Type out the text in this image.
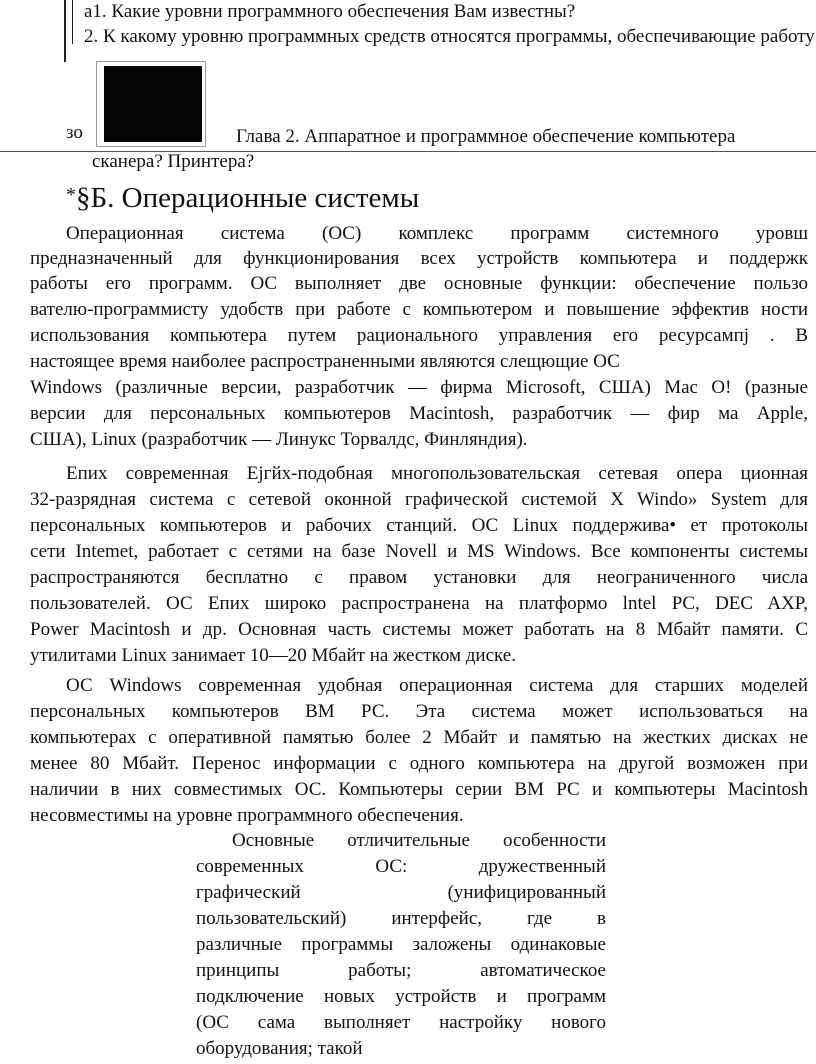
а1. Какие уровни программного обеспечения Вам известны?
2. К какому уровню программных средств относятся программы, обеспечивающие работу
зо	Глава 2. Аппаратное и программное обеспечение компьютера
сканера? Принтера?
*§Б. Операционные системы
Операционная система (ОС) комплекс программ системного уровш
предназначенный для функционирования всех устройств компьютера и поддержк
работы его программ. ОС выполняет две основные функции: обеспечение пользо
вателю-программисту удобств при работе с компьютером и повышение эффектив ности
использования компьютера путем рационального управления его ресурсампj . В
настоящее время наиболее распространенными являются слещющие ОС
Windows (различные версии, разработчик — фирма Microsoft, США) Mac O! (разные
версии для персональных компьютеров Macintosh, разработчик — фир ма Apple,
США), Linux (разработчик — Линукс Торвалдс, Финляндия).
Епих современная Ejгйх-подобная многопользовательская сетевая опера ционная
32-разрядная система с сетевой оконной графической системой X Windo» System для
персональных компьютеров и рабочих станций. ОС Linux поддержива• ет протоколы
сети Intemet, работает с сетями на базе Novell и MS Windows. Все компоненты системы
распространяются бесплатно с правом установки для неограниченного числа
пользователей. ОС Епих широко распространена на платформо lntel PC, DEC AXP,
Power Macintosh и др. Основная часть системы может работать на 8 Мбайт памяти. С
утилитами Linux занимает 10—20 Мбайт на жестком диске.
ОС Windows современная удобная операционная система для старших моделей
персональных компьютеров ВМ РС. Эта система может использоваться на
компьютерах с оперативной памятью более 2 Мбайт и памятью на жестких дисках не
менее 80 Мбайт. Перенос информации с одного компьютера на другой возможен при
наличии в них совместимых ОС. Компьютеры серии ВМ РС и компьютеры Macintosh
несовместимы на уровне программного обеспечения.
Основные отличительные особенности
современных ОС: дружественный
графический (унифицированный
пользовательский) интерфейс, где в
различные программы заложены одинаковые
принципы работы; автоматическое
подключение новых устройств и программ
(ОС сама выполняет настройку нового
оборудования; такой
